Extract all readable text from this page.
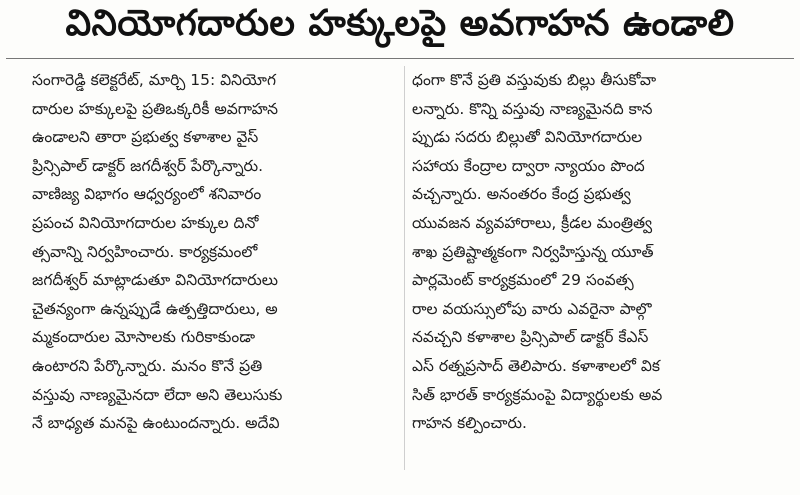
వినియోగదారుల హక్కులపై అవగాహన ఉండాలి
సంగారెడ్డి కలెక్టరేట్, మార్చి 15: వినియోగ
దారుల హక్కులపై ప్రతిఒక్కరికీ అవగాహన
ఉండాలని తారా ప్రభుత్వ కళాశాల వైస్
ప్రిన్సిపాల్ డాక్టర్ జగదీశ్వర్ పేర్కొన్నారు.
వాణిజ్య విభాగం ఆధ్వర్యంలో శనివారం
ప్రపంచ వినియోగదారుల హక్కుల దినో
త్సవాన్ని నిర్వహించారు. కార్యక్రమంలో
జగదీశ్వర్ మాట్లాడుతూ వినియోగదారులు
చైతన్యంగా ఉన్నప్పుడే ఉత్పత్తిదారులు, అ
మ్మకందారుల మోసాలకు గురికాకుండా
ఉంటారని పేర్కొన్నారు. మనం కొనే ప్రతి
వస్తువు నాణ్యమైనదా లేదా అని తెలుసుకు
నే బాధ్యత మనపై ఉంటుందన్నారు. అదేవి
ధంగా కొనే ప్రతి వస్తువుకు బిల్లు తీసుకోవా
లన్నారు. కొన్ని వస్తువు నాణ్యమైనది కాన
ప్పుడు సదరు బిల్లుతో వినియోగదారుల
సహాయ కేంద్రాల ద్వారా న్యాయం పొంద
వచ్చన్నారు. అనంతరం కేంద్ర ప్రభుత్వ
యువజన వ్యవహారాలు, క్రీడల మంత్రిత్వ
శాఖ ప్రతిష్టాత్మకంగా నిర్వహిస్తున్న యూత్
పార్లమెంట్ కార్యక్రమంలో 29 సంవత్స
రాల వయస్సులోపు వారు ఎవరైనా పాల్గొ
నవచ్చని కళాశాల ప్రిన్సిపాల్ డాక్టర్ కేఎస్
ఎస్ రత్నప్రసాద్ తెలిపారు. కళాశాలలో విక
సిత్ భారత్ కార్యక్రమంపై విద్యార్థులకు అవ
గాహన కల్పించారు.
